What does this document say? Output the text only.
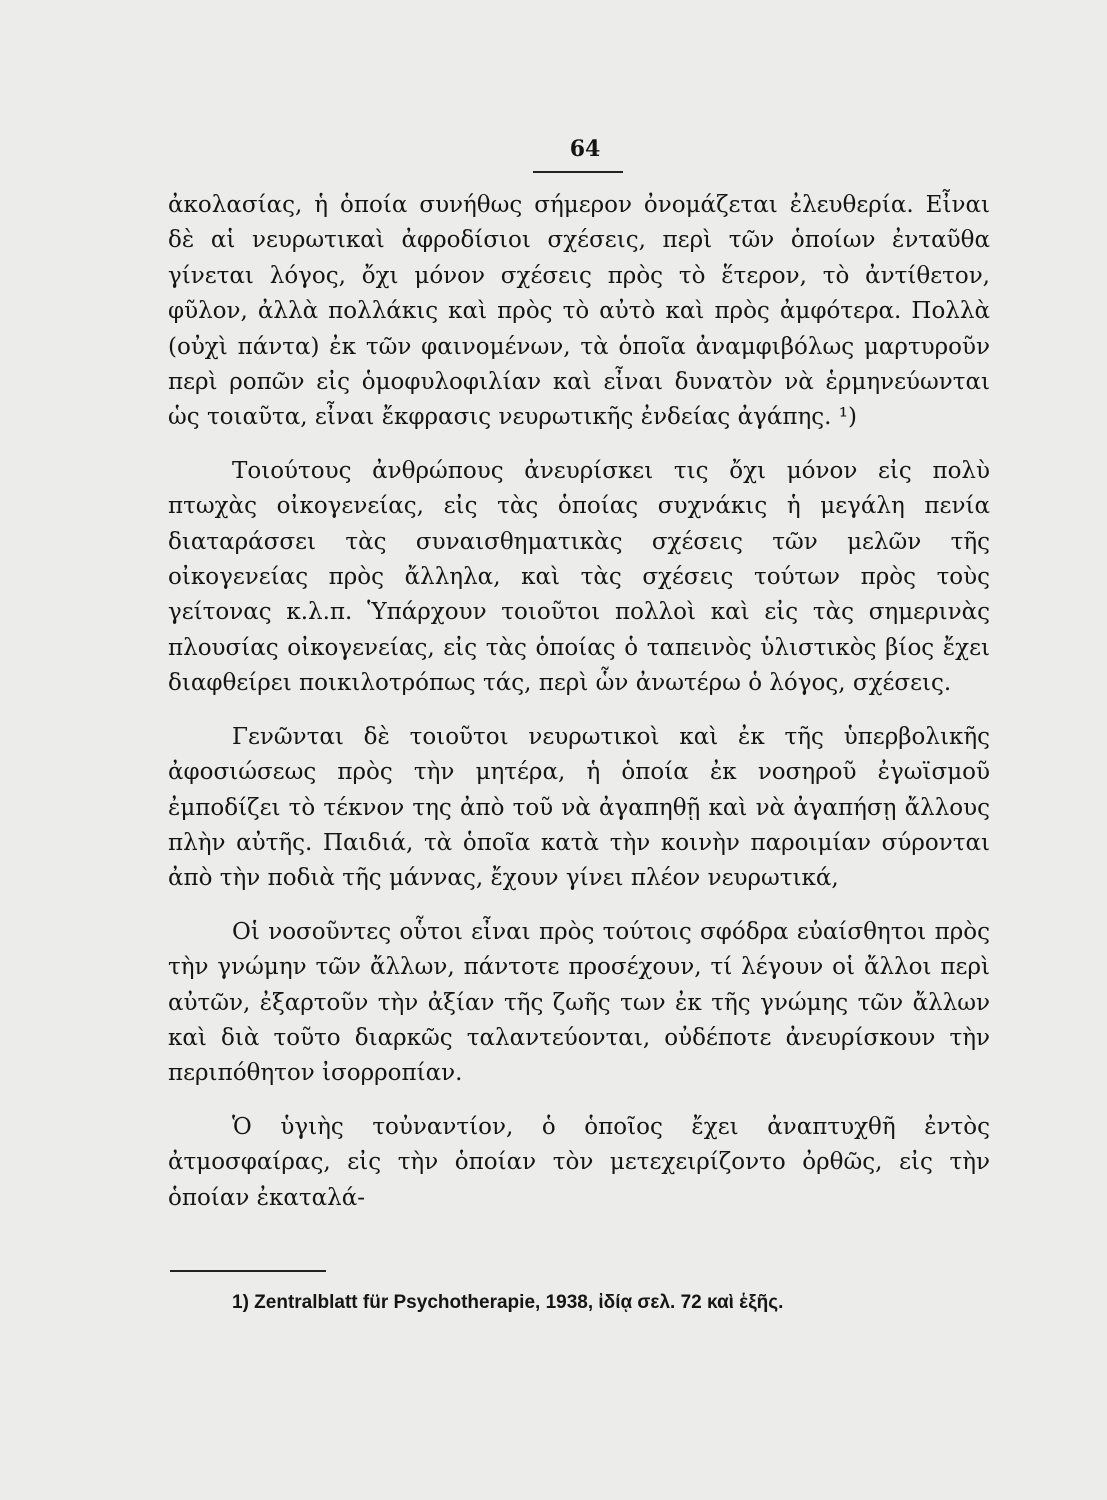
64

ἀκολασίας, ἡ ὁποία συνήθως σήμερον ὀνομάζεται ἐλευθερία. Εἶναι δὲ αἱ νευρωτικαὶ ἀφροδίσιοι σχέσεις, περὶ τῶν ὁποίων ἐνταῦθα γίνεται λόγος, ὄχι μόνον σχέσεις πρὸς τὸ ἕτερον, τὸ ἀντίθετον, φῦλον, ἀλλὰ πολλάκις καὶ πρὸς τὸ αὐτὸ καὶ πρὸς ἀμφότερα. Πολλὰ (οὐχὶ πάντα) ἐκ τῶν φαινομένων, τὰ ὁποῖα ἀναμφιβόλως μαρτυροῦν περὶ ροπῶν εἰς ὁμοφυλοφιλίαν καὶ εἶναι δυνατὸν νὰ ἑρμηνεύωνται ὡς τοιαῦτα, εἶναι ἔκφρασις νευρωτικῆς ἐνδείας ἀγάπης. ¹)

Τοιούτους ἀνθρώπους ἀνευρίσκει τις ὄχι μόνον εἰς πολὺ πτωχὰς οἰκογενείας, εἰς τὰς ὁποίας συχνάκις ἡ μεγάλη πενία διαταράσσει τὰς συναισθηματικὰς σχέσεις τῶν μελῶν τῆς οἰκογενείας πρὸς ἄλληλα, καὶ τὰς σχέσεις τούτων πρὸς τοὺς γείτονας κ.λ.π. Ὑπάρχουν τοιοῦτοι πολλοὶ καὶ εἰς τὰς σημερινὰς πλουσίας οἰκογενείας, εἰς τὰς ὁποίας ὁ ταπεινὸς ὑλιστικὸς βίος ἔχει διαφθείρει ποικιλοτρόπως τάς, περὶ ὧν ἀνωτέρω ὁ λόγος, σχέσεις.

Γενῶνται δὲ τοιοῦτοι νευρωτικοὶ καὶ ἐκ τῆς ὑπερβολικῆς ἀφοσιώσεως πρὸς τὴν μητέρα, ἡ ὁποία ἐκ νοσηροῦ ἐγωϊσμοῦ ἐμποδίζει τὸ τέκνον της ἀπὸ τοῦ νὰ ἀγαπηθῇ καὶ νὰ ἀγαπήσῃ ἄλλους πλὴν αὐτῆς. Παιδιά, τὰ ὁποῖα κατὰ τὴν κοινὴν παροιμίαν σύρονται ἀπὸ τὴν ποδιὰ τῆς μάννας, ἔχουν γίνει πλέον νευρωτικά,

Οἱ νοσοῦντες οὗτοι εἶναι πρὸς τούτοις σφόδρα εὐαίσθητοι πρὸς τὴν γνώμην τῶν ἄλλων, πάντοτε προσέχουν, τί λέγουν οἱ ἄλλοι περὶ αὐτῶν, ἐξαρτοῦν τὴν ἀξίαν τῆς ζωῆς των ἐκ τῆς γνώμης τῶν ἄλλων καὶ διὰ τοῦτο διαρκῶς ταλαντεύονται, οὐδέποτε ἀνευρίσκουν τὴν περιπόθητον ἰσορροπίαν.

Ὁ ὑγιὴς τοὐναντίον, ὁ ὁποῖος ἔχει ἀναπτυχθῆ ἐντὸς ἀτμοσφαίρας, εἰς τὴν ὁποίαν τὸν μετεχειρίζοντο ὀρθῶς, εἰς τὴν ὁποίαν ἐκαταλά-

1) Zentralblatt für Psychotherapie, 1938, ἰδίᾳ σελ. 72 καὶ ἑξῆς.
